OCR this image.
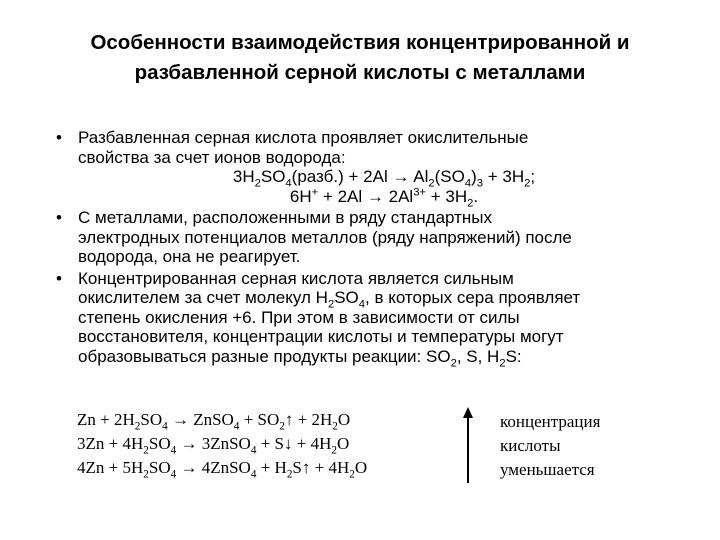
Особенности взаимодействия концентрированной и
разбавленной серной кислоты с металлами
• Разбавленная серная кислота проявляет окислительные
свойства за счет ионов водорода:
$3H_2SO_4(разб.) + 2Al \to Al_2(SO_4)_3 + 3H_2$;
$6H^+ + 2Al \to 2Al^{3+} + 3H_2$.
• С металлами, расположенными в ряду стандартных
электродных потенциалов металлов (ряду напряжений) после
водорода, она не реагирует.
• Концентрированная серная кислота является сильным
окислителем за счет молекул $H_2SO_4$, в которых сера проявляет
степень окисления +6. При этом в зависимости от силы
восстановителя, концентрации кислоты и температуры могут
образовываться разные продукты реакции: $SO_2$, S, $H_2S$:
$Zn + 2H_2SO_4$ → ZnSO$_4$ + $SO_2↑ + 2H_2O$
$3Zn + 4H_2SO_4$ → 3ZnSO$_4$ + S↓ + $4H_2O$
$4Zn + 5H_2SO_4$ → 4ZnSO$_4$ + $H_2S↑ + 4H_2O$
концентрация
кислоты
уменьшается
